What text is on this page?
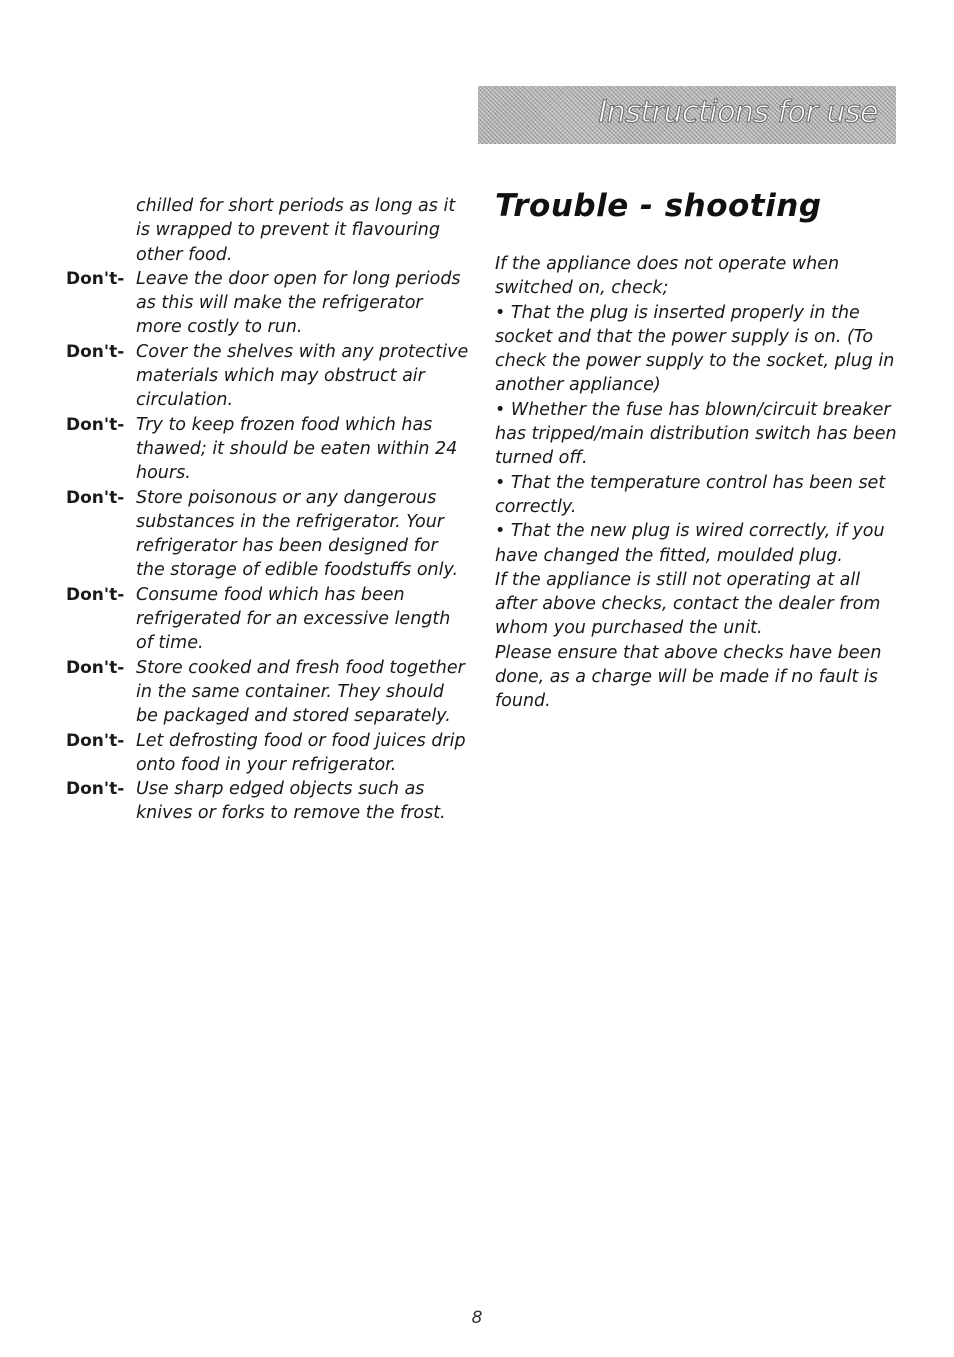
Instructions for use

chilled for short periods as long as it is wrapped to prevent it flavouring other food.

Don't- Leave the door open for long periods as this will make the refrigerator more costly to run.
Don't- Cover the shelves with any protective materials which may obstruct air circulation.
Don't- Try to keep frozen food which has thawed; it should be eaten within 24 hours.
Don't- Store poisonous or any dangerous substances in the refrigerator. Your refrigerator has been designed for the storage of edible foodstuffs only.
Don't- Consume food which has been refrigerated for an excessive length of time.
Don't- Store cooked and fresh food together in the same container. They should be packaged and stored separately.
Don't- Let defrosting food or food juices drip onto food in your refrigerator.
Don't- Use sharp edged objects such as knives or forks to remove the frost.
Trouble - shooting

If the appliance does not operate when switched on, check;

• That the plug is inserted properly in the socket and that the power supply is on. (To check the power supply to the socket, plug in another appliance)

• Whether the fuse has blown/circuit breaker has tripped/main distribution switch has been turned off.

• That the temperature control has been set correctly.

• That the new plug is wired correctly, if you have changed the fitted, moulded plug.

If the appliance is still not operating at all after above checks, contact the dealer from whom you purchased the unit.

Please ensure that above checks have been done, as a charge will be made if no fault is found.

8
